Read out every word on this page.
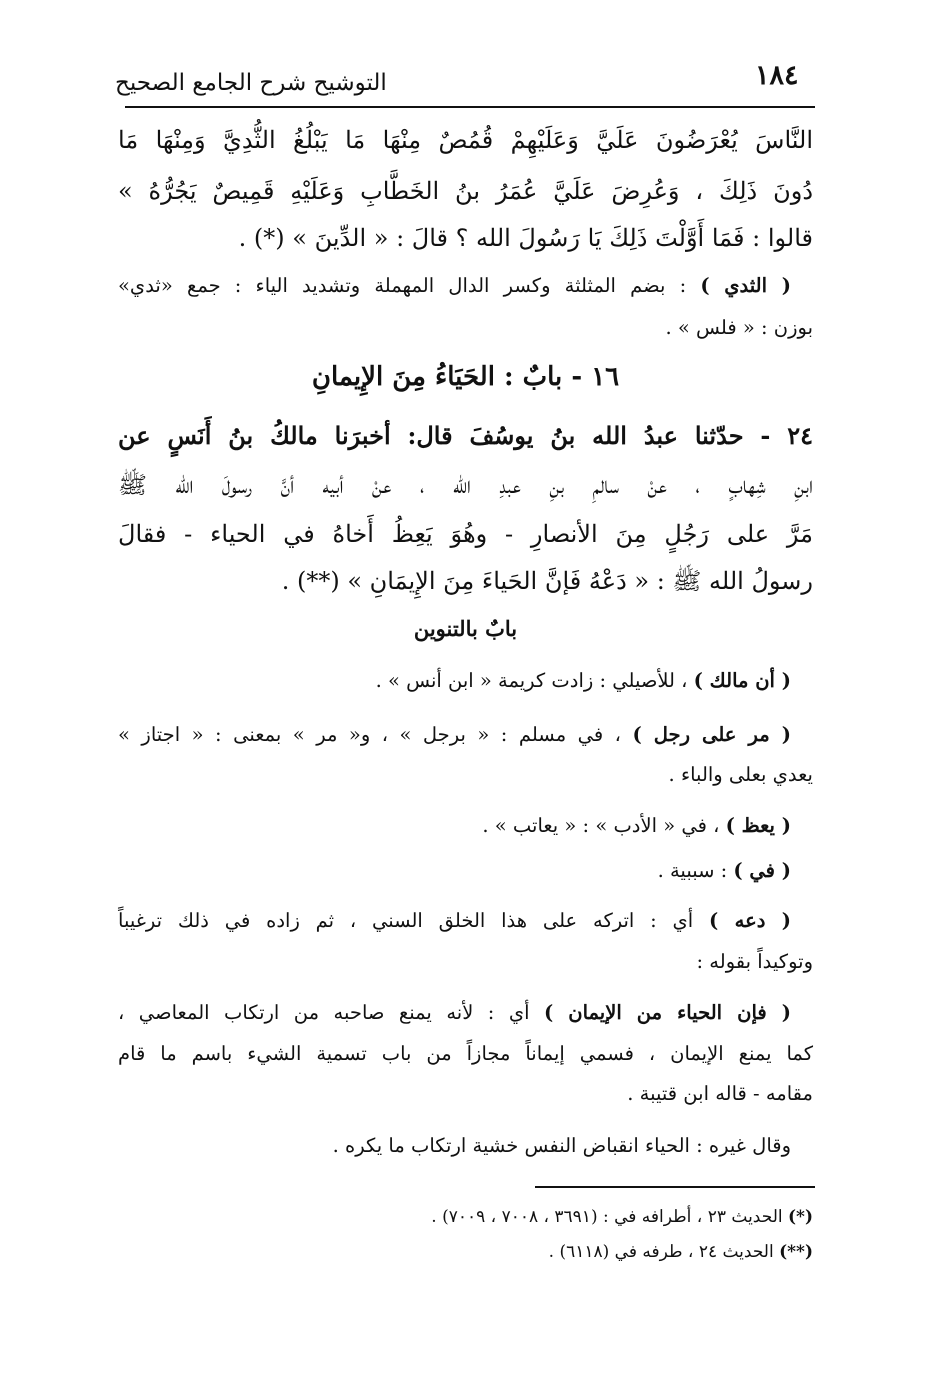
١٨٤
التوشيح شرح الجامع الصحيح
النَّاسَ يُعْرَضُونَ عَلَيَّ وَعَلَيْهِمْ قُمُصٌ مِنْهَا مَا يَبْلُغُ الثُّدِيَّ وَمِنْهَا مَا
دُونَ ذَلِكَ ، وَعُرِضَ عَلَيَّ عُمَرُ بنُ الخَطَّابِ وَعَلَيْهِ قَمِيصٌ يَجُرُّهُ »
قالوا : فَمَا أَوَّلْتَ ذَلِكَ يَا رَسُولَ الله ؟ قالَ : « الدِّينَ » (*) .
( الثدي ) : بضم المثلثة وكسر الدال المهملة وتشديد الياء : جمع «ثدي»
بوزن : « فلس » .
١٦ - بابٌ : الحَيَاءُ مِنَ الإِيمانِ
٢٤ - حدّثنا عبدُ الله بنُ يوسُفَ قال: أخبرَنا مالكُ بنُ أَنَسٍ عن
ابنِ شِهابٍ ، عنْ سالمِ بنِ عبدِ الله ، عنْ أبيه أنَّ رسولَ الله ﷺ
مَرَّ على رَجُلٍ مِنَ الأنصارِ - وهُوَ يَعِظُ أَخاهُ في الحياء - فقالَ
رسولُ الله ﷺ : « دَعْهُ فَإنَّ الحَياءَ مِنَ الإِيمَانِ » (**) .
بابٌ بالتنوين
( أن مالك ) ، للأصيلي : زادت كريمة « ابن أنس » .
( مر على رجل ) ، في مسلم : « برجل » ، و« مر » بمعنى : « اجتاز »
يعدي بعلى والباء .
( يعظ ) ، في « الأدب » : « يعاتب » .
( في ) : سببية .
( دعه ) أي : اتركه على هذا الخلق السني ، ثم زاده في ذلك ترغيباً
وتوكيداً بقوله :
( فإن الحياء من الإيمان ) أي : لأنه يمنع صاحبه من ارتكاب المعاصي ،
كما يمنع الإيمان ، فسمي إيماناً مجازاً من باب تسمية الشيء باسم ما قام
مقامه - قاله ابن قتيبة .
وقال غيره : الحياء انقباض النفس خشية ارتكاب ما يكره .
(*) الحديث ٢٣ ، أطرافه في : (٣٦٩١ ، ٧٠٠٨ ، ٧٠٠٩) .
(**) الحديث ٢٤ ، طرفه في (٦١١٨) .
